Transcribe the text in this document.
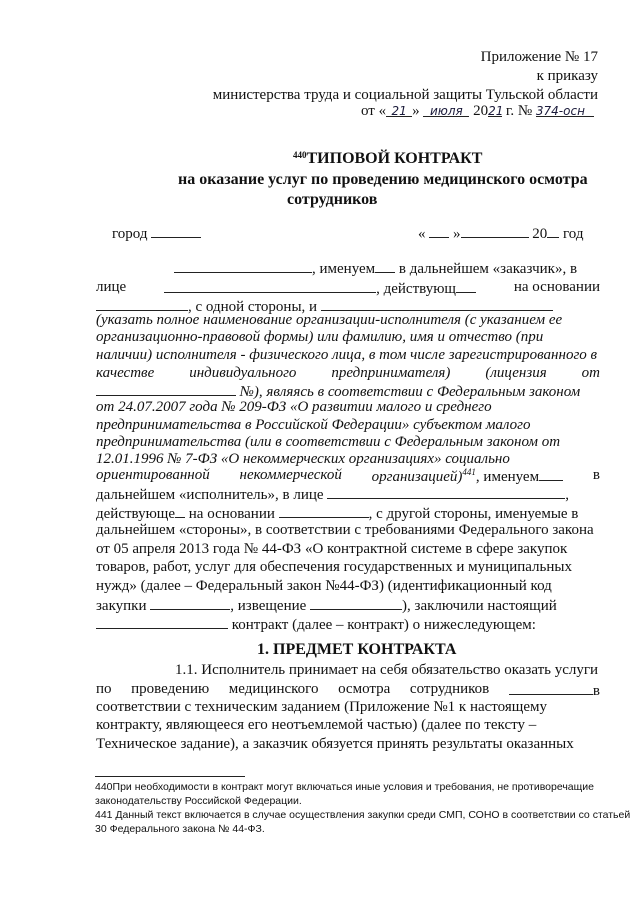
Приложение № 17
к приказу
министерства труда и социальной защиты Тульской области
от « 21 » июля 2021 г. № 374-осн
$^{440}$ТИПОВОЙ КОНТРАКТ
на оказание услуг по проведению медицинского осмотра
сотрудников
город	« »	20 год
, именуем в дальнейшем «заказчик», в
лице	, действующ	на основании
, с одной стороны, и
(указать полное наименование организации-исполнителя (с указанием ее
организационно-правовой формы) или фамилию, имя и отчество (при
наличии) исполнителя - физического лица, в том числе зарегистрированного в
качестве индивидуального предпринимателя) (лицензия от
№), являясь в соответствии с Федеральным законом
от 24.07.2007 года № 209-ФЗ «О развитии малого и среднего
предпринимательства в Российской Федерации» субъектом малого
предпринимательства (или в соответствии с Федеральным законом от
12.01.1996 № 7-ФЗ «О некоммерческих организациях» социально
ориентированной некоммерческой организацией)$^{441}$, именуем	в
дальнейшем «исполнитель», в лице	,
действующе на основании	, с другой стороны, именуемые в
дальнейшем «стороны», в соответствии с требованиями Федерального закона
от 05 апреля 2013 года № 44-ФЗ «О контрактной системе в сфере закупок
товаров, работ, услуг для обеспечения государственных и муниципальных
нужд» (далее – Федеральный закон №44-ФЗ) (идентификационный код
закупки	, извещение	), заключили настоящий
контракт (далее – контракт) о нижеследующем:
1. ПРЕДМЕТ КОНТРАКТА
1.1. Исполнитель принимает на себя обязательство оказать услуги
по проведению медицинского осмотра сотрудников	в
соответствии с техническим заданием (Приложение №1 к настоящему
контракту, являющееся его неотъемлемой частью) (далее по тексту –
Техническое задание), а заказчик обязуется принять результаты оказанных
440При необходимости в контракт могут включаться иные условия и требования, не противоречащие
законодательству Российской Федерации.
441 Данный текст включается в случае осуществления закупки среди СМП, СОНО в соответствии со статьей
30 Федерального закона № 44-ФЗ.
